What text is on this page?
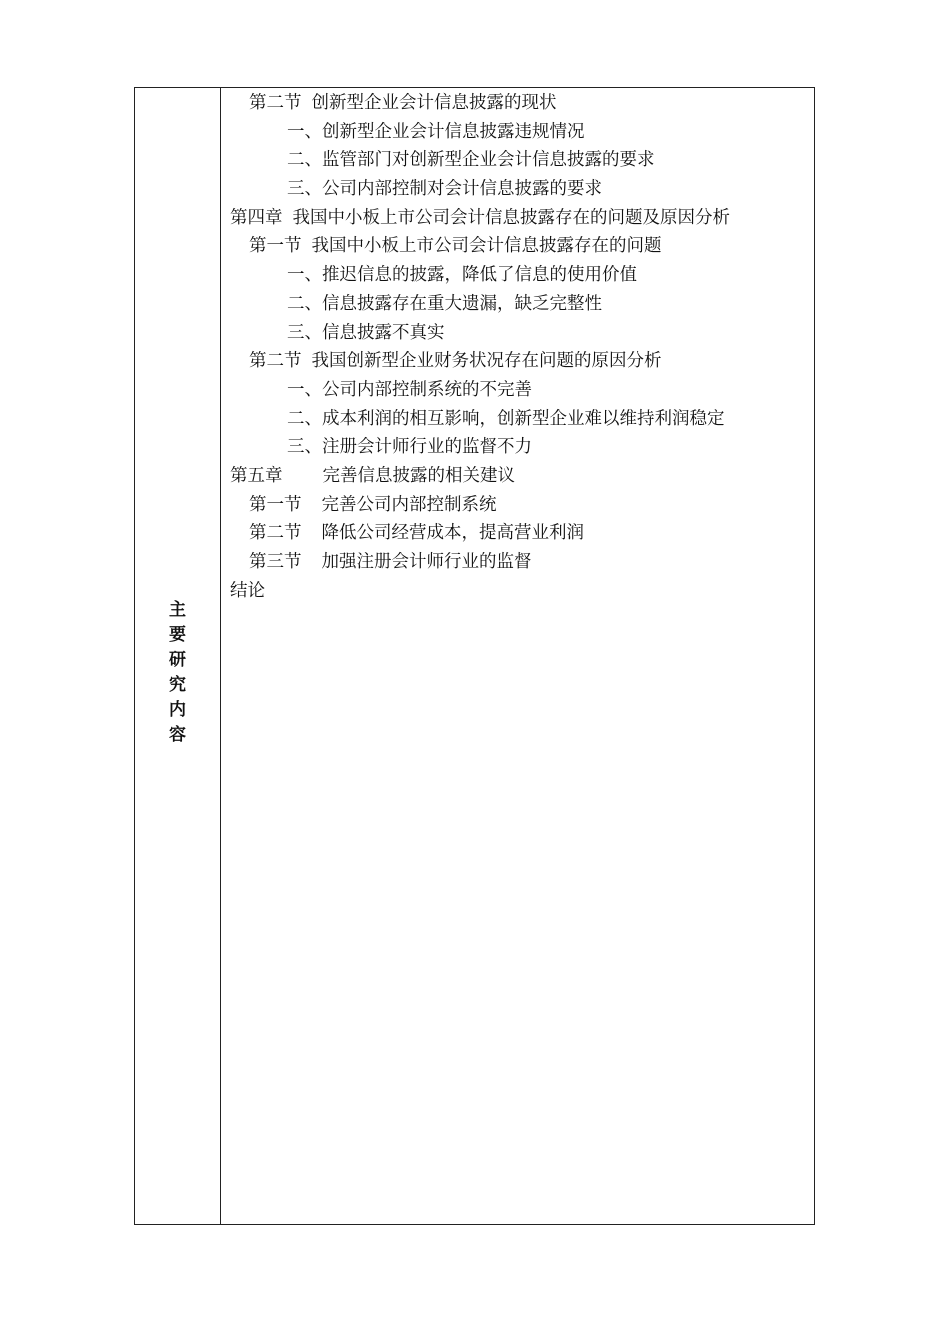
主
要
研
究
内
容
第二节 创新型企业会计信息披露的现状
一、创新型企业会计信息披露违规情况
二、监管部门对创新型企业会计信息披露的要求
三、公司内部控制对会计信息披露的要求
第四章 我国中小板上市公司会计信息披露存在的问题及原因分析
第一节 我国中小板上市公司会计信息披露存在的问题
一、推迟信息的披露，降低了信息的使用价值
二、信息披露存在重大遗漏，缺乏完整性
三、信息披露不真实
第二节 我国创新型企业财务状况存在问题的原因分析
一、公司内部控制系统的不完善
二、成本利润的相互影响，创新型企业难以维持利润稳定
三、注册会计师行业的监督不力
第五章 完善信息披露的相关建议
第一节 完善公司内部控制系统
第二节 降低公司经营成本，提高营业利润
第三节 加强注册会计师行业的监督
结论
